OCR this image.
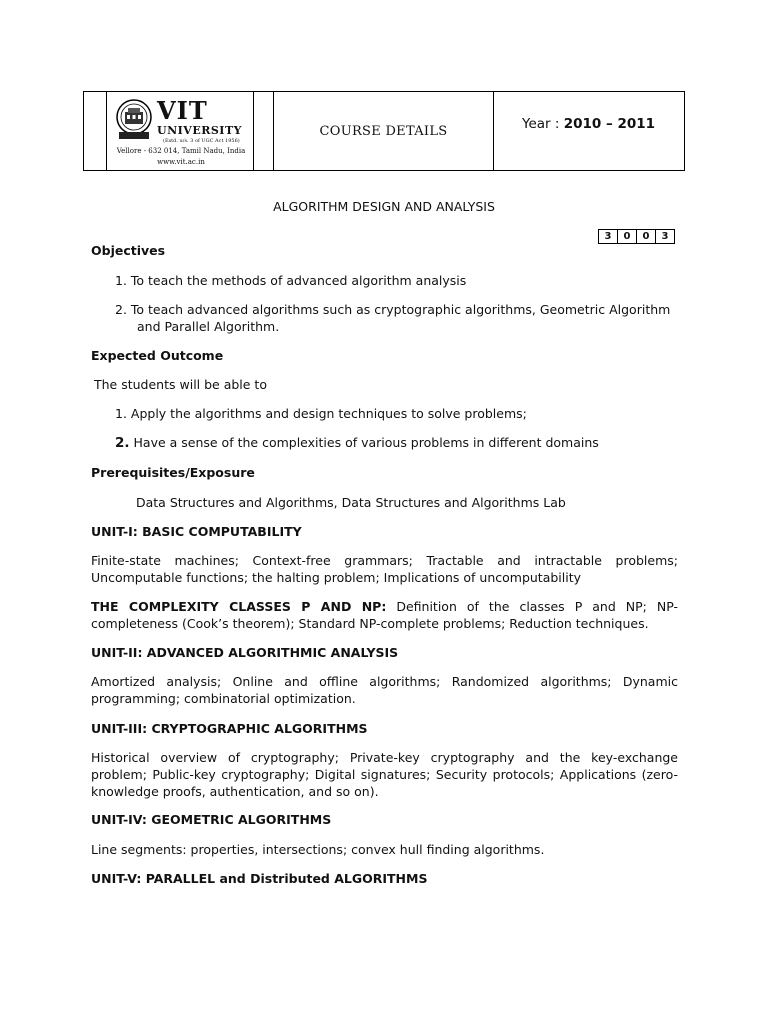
VIT
UNIVERSITY
(Estd. u/s. 3 of UGC Act 1956)
Vellore - 632 014, Tamil Nadu, India
www.vit.ac.in
COURSE DETAILS	Year : 2010 – 2011
ALGORITHM DESIGN AND ANALYSIS
3	0	0	3
Objectives
1. To teach the methods of advanced algorithm analysis
2. To teach advanced algorithms such as cryptographic algorithms, Geometric Algorithm
and Parallel Algorithm.
Expected Outcome
The students will be able to
1. Apply the algorithms and design techniques to solve problems;
2. Have a sense of the complexities of various problems in different domains
Prerequisites/Exposure
Data Structures and Algorithms, Data Structures and Algorithms Lab
UNIT-I: BASIC COMPUTABILITY
Finite-state machines; Context-free grammars; Tractable and intractable problems; Uncomputable functions; the halting problem; Implications of uncomputability
THE COMPLEXITY CLASSES P AND NP: Definition of the classes P and NP; NP-completeness (Cook’s theorem); Standard NP-complete problems; Reduction techniques.
UNIT-II: ADVANCED ALGORITHMIC ANALYSIS
Amortized analysis; Online and offline algorithms; Randomized algorithms; Dynamic programming; combinatorial optimization.
UNIT-III: CRYPTOGRAPHIC ALGORITHMS
Historical overview of cryptography; Private-key cryptography and the key-exchange problem; Public-key cryptography; Digital signatures; Security protocols; Applications (zero-knowledge proofs, authentication, and so on).
UNIT-IV: GEOMETRIC ALGORITHMS
Line segments: properties, intersections; convex hull finding algorithms.
UNIT-V: PARALLEL and Distributed ALGORITHMS
